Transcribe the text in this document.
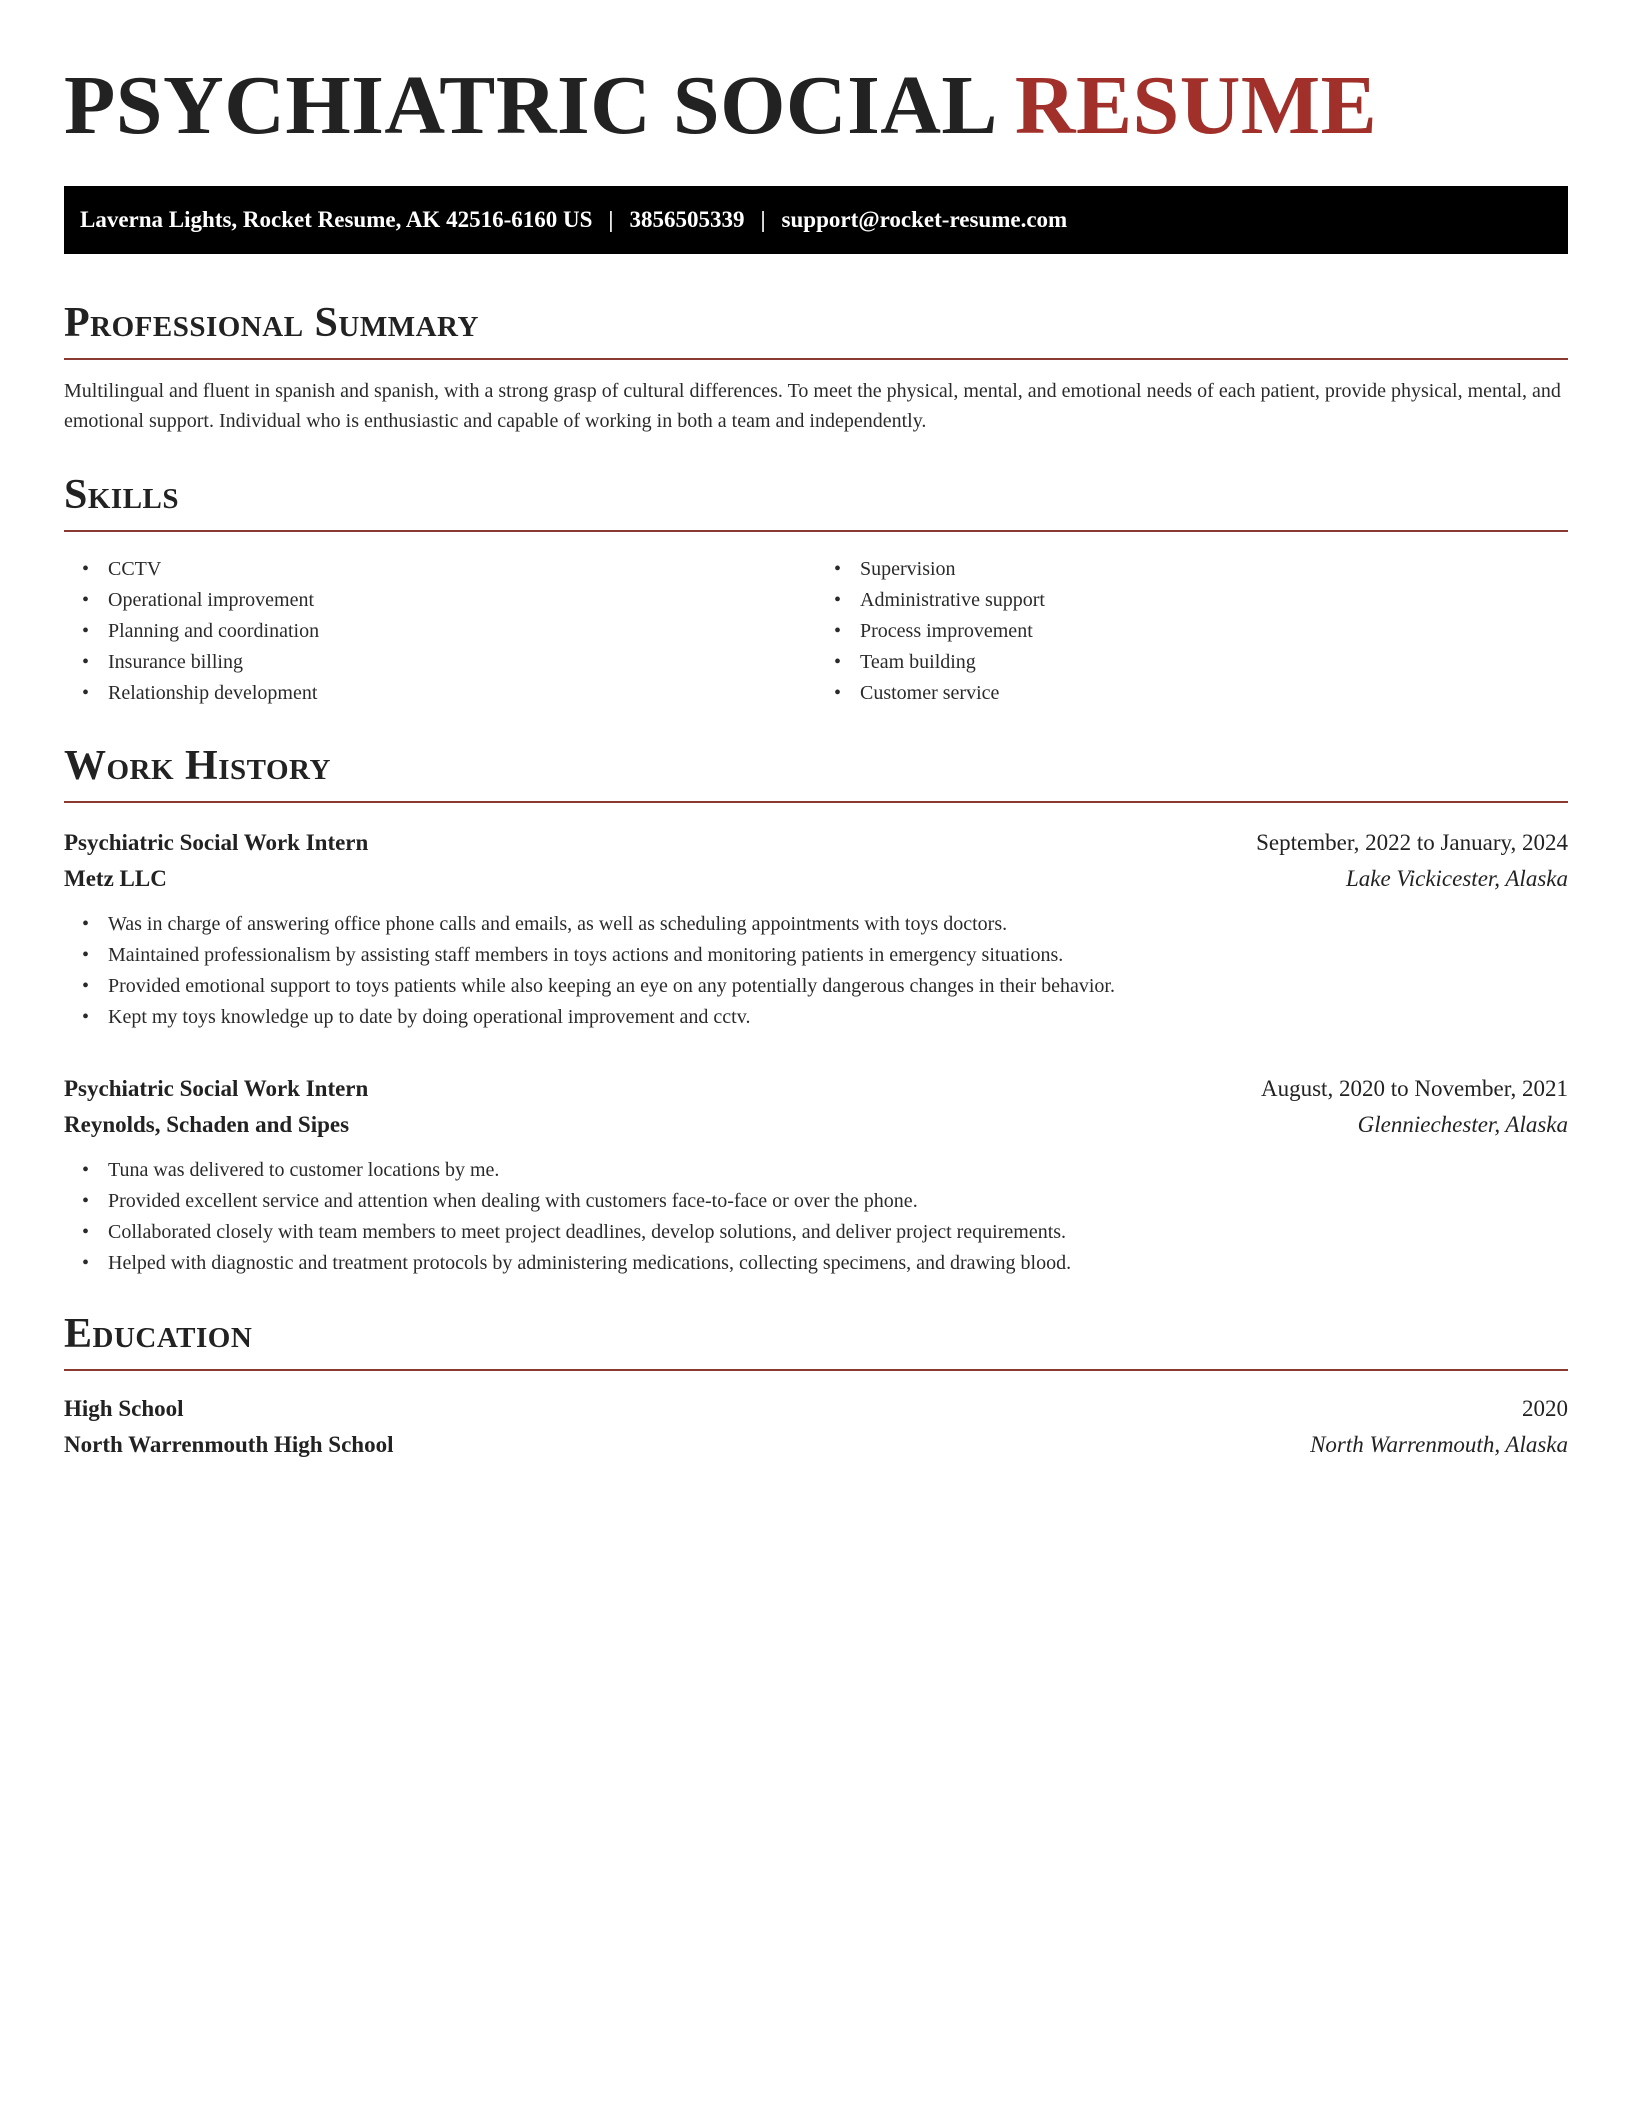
PSYCHIATRIC SOCIAL RESUME
Laverna Lights, Rocket Resume, AK 42516-6160 US | 3856505339 | support@rocket-resume.com
Professional Summary

Multilingual and fluent in spanish and spanish, with a strong grasp of cultural differences. To meet the physical, mental, and emotional needs of each patient, provide physical, mental, and emotional support. Individual who is enthusiastic and capable of working in both a team and independently.

Skills
• CCTV
• Operational improvement
• Planning and coordination
• Insurance billing
• Relationship development
• Supervision
• Administrative support
• Process improvement
• Team building
• Customer service
Work History
Psychiatric Social Work Intern	September, 2022 to January, 2024
Metz LLC	Lake Vickicester, Alaska
• Was in charge of answering office phone calls and emails, as well as scheduling appointments with toys doctors.
• Maintained professionalism by assisting staff members in toys actions and monitoring patients in emergency situations.
• Provided emotional support to toys patients while also keeping an eye on any potentially dangerous changes in their behavior.
• Kept my toys knowledge up to date by doing operational improvement and cctv.
Psychiatric Social Work Intern	August, 2020 to November, 2021
Reynolds, Schaden and Sipes	Glenniechester, Alaska
• Tuna was delivered to customer locations by me.
• Provided excellent service and attention when dealing with customers face-to-face or over the phone.
• Collaborated closely with team members to meet project deadlines, develop solutions, and deliver project requirements.
• Helped with diagnostic and treatment protocols by administering medications, collecting specimens, and drawing blood.
Education
High School	2020
North Warrenmouth High School	North Warrenmouth, Alaska
